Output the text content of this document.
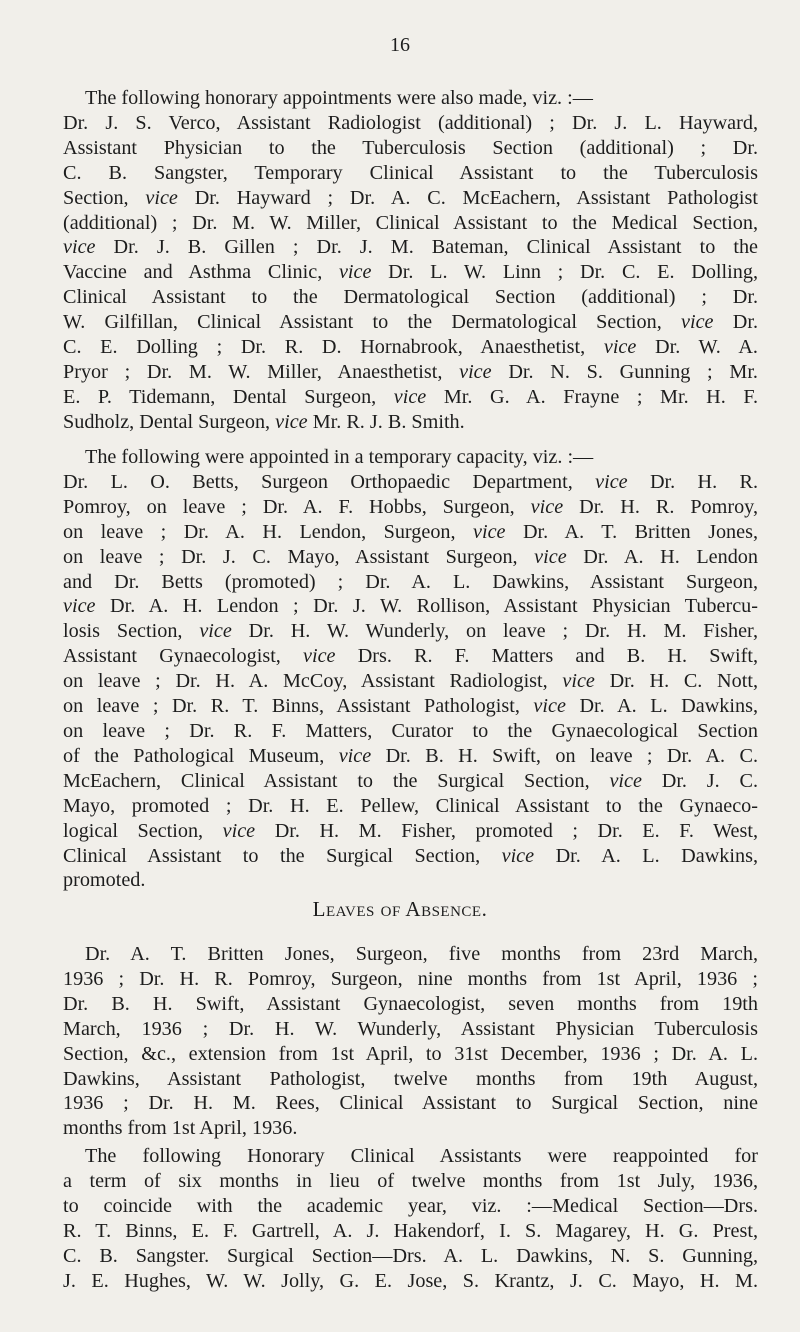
16
The following honorary appointments were also made, viz. :—
Dr. J. S. Verco, Assistant Radiologist (additional) ; Dr. J. L. Hayward,
Assistant Physician to the Tuberculosis Section (additional) ; Dr.
C. B. Sangster, Temporary Clinical Assistant to the Tuberculosis
Section, vice Dr. Hayward ; Dr. A. C. McEachern, Assistant Pathologist
(additional) ; Dr. M. W. Miller, Clinical Assistant to the Medical Section,
vice Dr. J. B. Gillen ; Dr. J. M. Bateman, Clinical Assistant to the
Vaccine and Asthma Clinic, vice Dr. L. W. Linn ; Dr. C. E. Dolling,
Clinical Assistant to the Dermatological Section (additional) ; Dr.
W. Gilfillan, Clinical Assistant to the Dermatological Section, vice Dr.
C. E. Dolling ; Dr. R. D. Hornabrook, Anaesthetist, vice Dr. W. A.
Pryor ; Dr. M. W. Miller, Anaesthetist, vice Dr. N. S. Gunning ; Mr.
E. P. Tidemann, Dental Surgeon, vice Mr. G. A. Frayne ; Mr. H. F.
Sudholz, Dental Surgeon, vice Mr. R. J. B. Smith.
The following were appointed in a temporary capacity, viz. :—
Dr. L. O. Betts, Surgeon Orthopaedic Department, vice Dr. H. R.
Pomroy, on leave ; Dr. A. F. Hobbs, Surgeon, vice Dr. H. R. Pomroy,
on leave ; Dr. A. H. Lendon, Surgeon, vice Dr. A. T. Britten Jones,
on leave ; Dr. J. C. Mayo, Assistant Surgeon, vice Dr. A. H. Lendon
and Dr. Betts (promoted) ; Dr. A. L. Dawkins, Assistant Surgeon,
vice Dr. A. H. Lendon ; Dr. J. W. Rollison, Assistant Physician Tubercu-
losis Section, vice Dr. H. W. Wunderly, on leave ; Dr. H. M. Fisher,
Assistant Gynaecologist, vice Drs. R. F. Matters and B. H. Swift,
on leave ; Dr. H. A. McCoy, Assistant Radiologist, vice Dr. H. C. Nott,
on leave ; Dr. R. T. Binns, Assistant Pathologist, vice Dr. A. L. Dawkins,
on leave ; Dr. R. F. Matters, Curator to the Gynaecological Section
of the Pathological Museum, vice Dr. B. H. Swift, on leave ; Dr. A. C.
McEachern, Clinical Assistant to the Surgical Section, vice Dr. J. C.
Mayo, promoted ; Dr. H. E. Pellew, Clinical Assistant to the Gynaeco-
logical Section, vice Dr. H. M. Fisher, promoted ; Dr. E. F. West,
Clinical Assistant to the Surgical Section, vice Dr. A. L. Dawkins,
promoted.
Leaves of Absence.
Dr. A. T. Britten Jones, Surgeon, five months from 23rd March,
1936 ; Dr. H. R. Pomroy, Surgeon, nine months from 1st April, 1936 ;
Dr. B. H. Swift, Assistant Gynaecologist, seven months from 19th
March, 1936 ; Dr. H. W. Wunderly, Assistant Physician Tuberculosis
Section, &c., extension from 1st April, to 31st December, 1936 ; Dr. A. L.
Dawkins, Assistant Pathologist, twelve months from 19th August,
1936 ; Dr. H. M. Rees, Clinical Assistant to Surgical Section, nine
months from 1st April, 1936.
The following Honorary Clinical Assistants were reappointed for
a term of six months in lieu of twelve months from 1st July, 1936,
to coincide with the academic year, viz. :—Medical Section—Drs.
R. T. Binns, E. F. Gartrell, A. J. Hakendorf, I. S. Magarey, H. G. Prest,
C. B. Sangster. Surgical Section—Drs. A. L. Dawkins, N. S. Gunning,
J. E. Hughes, W. W. Jolly, G. E. Jose, S. Krantz, J. C. Mayo, H. M.
